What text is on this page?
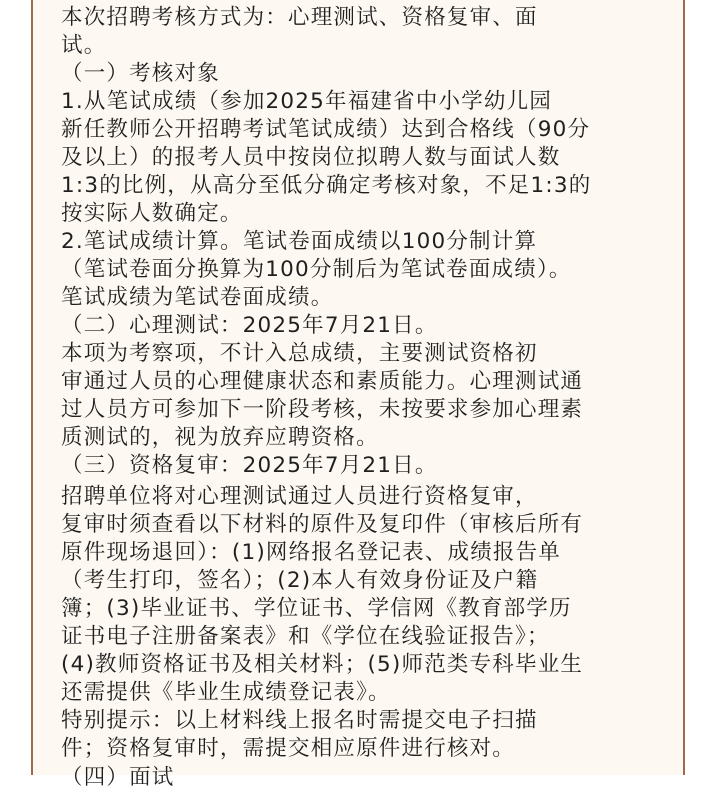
本次招聘考核方式为：心理测试、资格复审、面
试。
（一）考核对象
1.从笔试成绩（参加2025年福建省中小学幼儿园
新任教师公开招聘考试笔试成绩）达到合格线（90分
及以上）的报考人员中按岗位拟聘人数与面试人数
1:3的比例，从高分至低分确定考核对象，不足1:3的
按实际人数确定。
2.笔试成绩计算。笔试卷面成绩以100分制计算
（笔试卷面分换算为100分制后为笔试卷面成绩）。
笔试成绩为笔试卷面成绩。
（二）心理测试：2025年7月21日。
本项为考察项，不计入总成绩，主要测试资格初
审通过人员的心理健康状态和素质能力。心理测试通
过人员方可参加下一阶段考核，未按要求参加心理素
质测试的，视为放弃应聘资格。
（三）资格复审：2025年7月21日。
招聘单位将对心理测试通过人员进行资格复审，
复审时须查看以下材料的原件及复印件（审核后所有
原件现场退回）：(1)网络报名登记表、成绩报告单
（考生打印，签名）；(2)本人有效身份证及户籍
簿；(3)毕业证书、学位证书、学信网《教育部学历
证书电子注册备案表》和《学位在线验证报告》；
(4)教师资格证书及相关材料；(5)师范类专科毕业生
还需提供《毕业生成绩登记表》。
特别提示：以上材料线上报名时需提交电子扫描
件；资格复审时，需提交相应原件进行核对。
（四）面试
